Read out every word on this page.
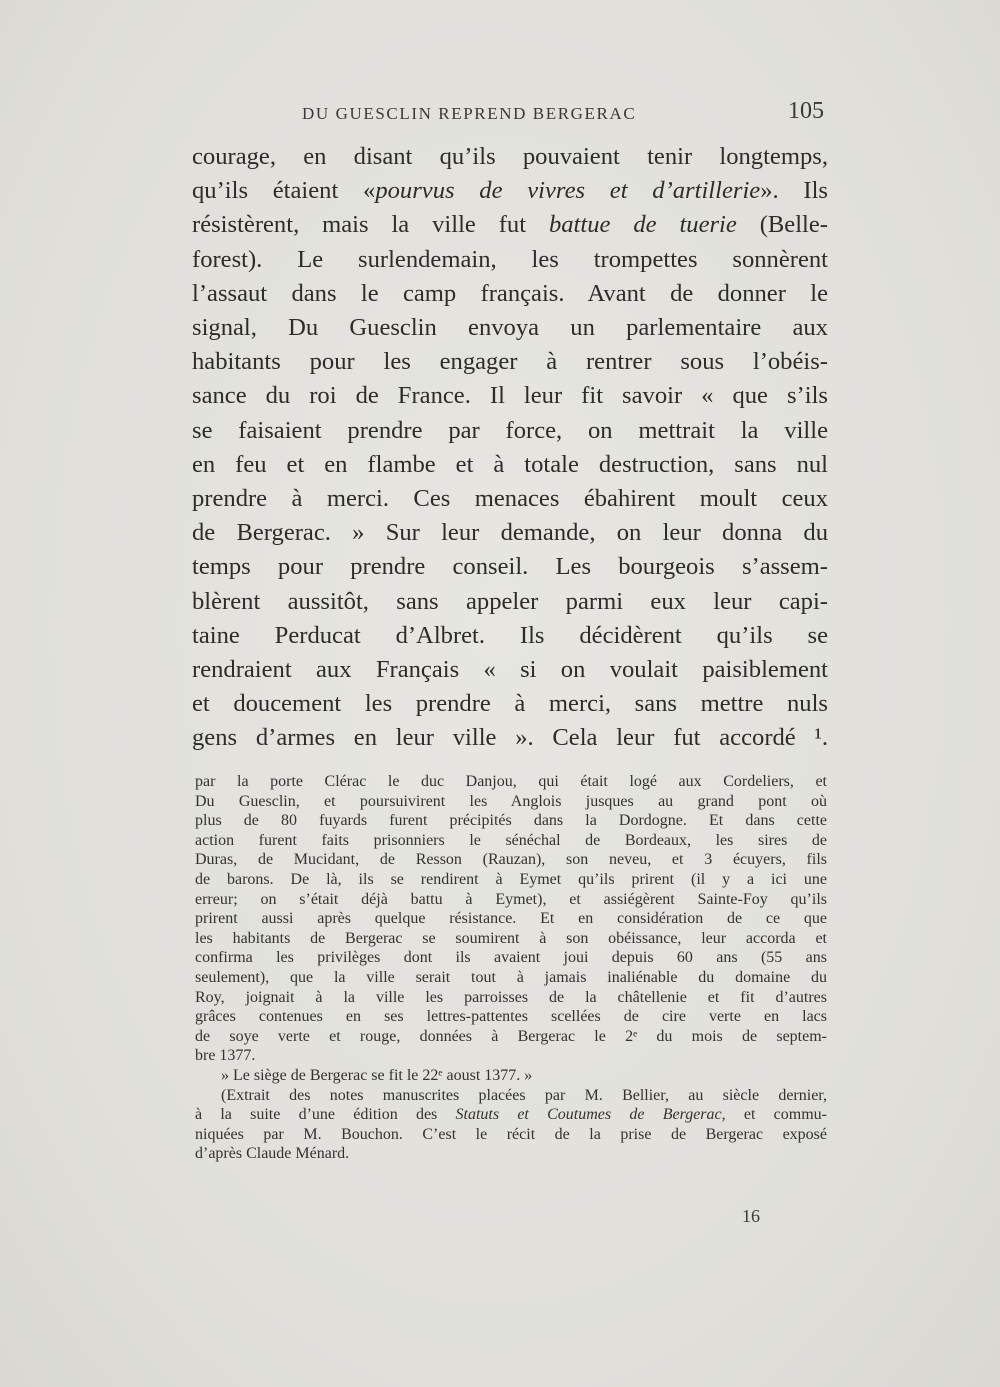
DU GUESCLIN REPREND BERGERAC	105
courage, en disant qu’ils pouvaient tenir longtemps,
qu’ils étaient «pourvus de vivres et d’artillerie». Ils
résistèrent, mais la ville fut battue de tuerie (Belle-
forest). Le surlendemain, les trompettes sonnèrent
l’assaut dans le camp français. Avant de donner le
signal, Du Guesclin envoya un parlementaire aux
habitants pour les engager à rentrer sous l’obéis-
sance du roi de France. Il leur fit savoir « que s’ils
se faisaient prendre par force, on mettrait la ville
en feu et en flambe et à totale destruction, sans nul
prendre à merci. Ces menaces ébahirent moult ceux
de Bergerac. » Sur leur demande, on leur donna du
temps pour prendre conseil. Les bourgeois s’assem-
blèrent aussitôt, sans appeler parmi eux leur capi-
taine Perducat d’Albret. Ils décidèrent qu’ils se
rendraient aux Français « si on voulait paisiblement
et doucement les prendre à merci, sans mettre nuls
gens d’armes en leur ville ». Cela leur fut accordé ¹.
par la porte Clérac le duc Danjou, qui était logé aux Cordeliers, et
Du Guesclin, et poursuivirent les Anglois jusques au grand pont où
plus de 80 fuyards furent précipités dans la Dordogne. Et dans cette
action furent faits prisonniers le sénéchal de Bordeaux, les sires de
Duras, de Mucidant, de Resson (Rauzan), son neveu, et 3 écuyers, fils
de barons. De là, ils se rendirent à Eymet qu’ils prirent (il y a ici une
erreur; on s’était déjà battu à Eymet), et assiégèrent Sainte-Foy qu’ils
prirent aussi après quelque résistance. Et en considération de ce que
les habitants de Bergerac se soumirent à son obéissance, leur accorda et
confirma les privilèges dont ils avaient joui depuis 60 ans (55 ans
seulement), que la ville serait tout à jamais inaliénable du domaine du
Roy, joignait à la ville les parroisses de la châtellenie et fit d’autres
grâces contenues en ses lettres-pattentes scellées de cire verte en lacs
de soye verte et rouge, données à Bergerac le 2ᵉ du mois de septem-
bre 1377.
» Le siège de Bergerac se fit le 22ᵉ aoust 1377. »
(Extrait des notes manuscrites placées par M. Bellier, au siècle dernier,
à la suite d’une édition des Statuts et Coutumes de Bergerac, et commu-
niquées par M. Bouchon. C’est le récit de la prise de Bergerac exposé
d’après Claude Ménard.
16
